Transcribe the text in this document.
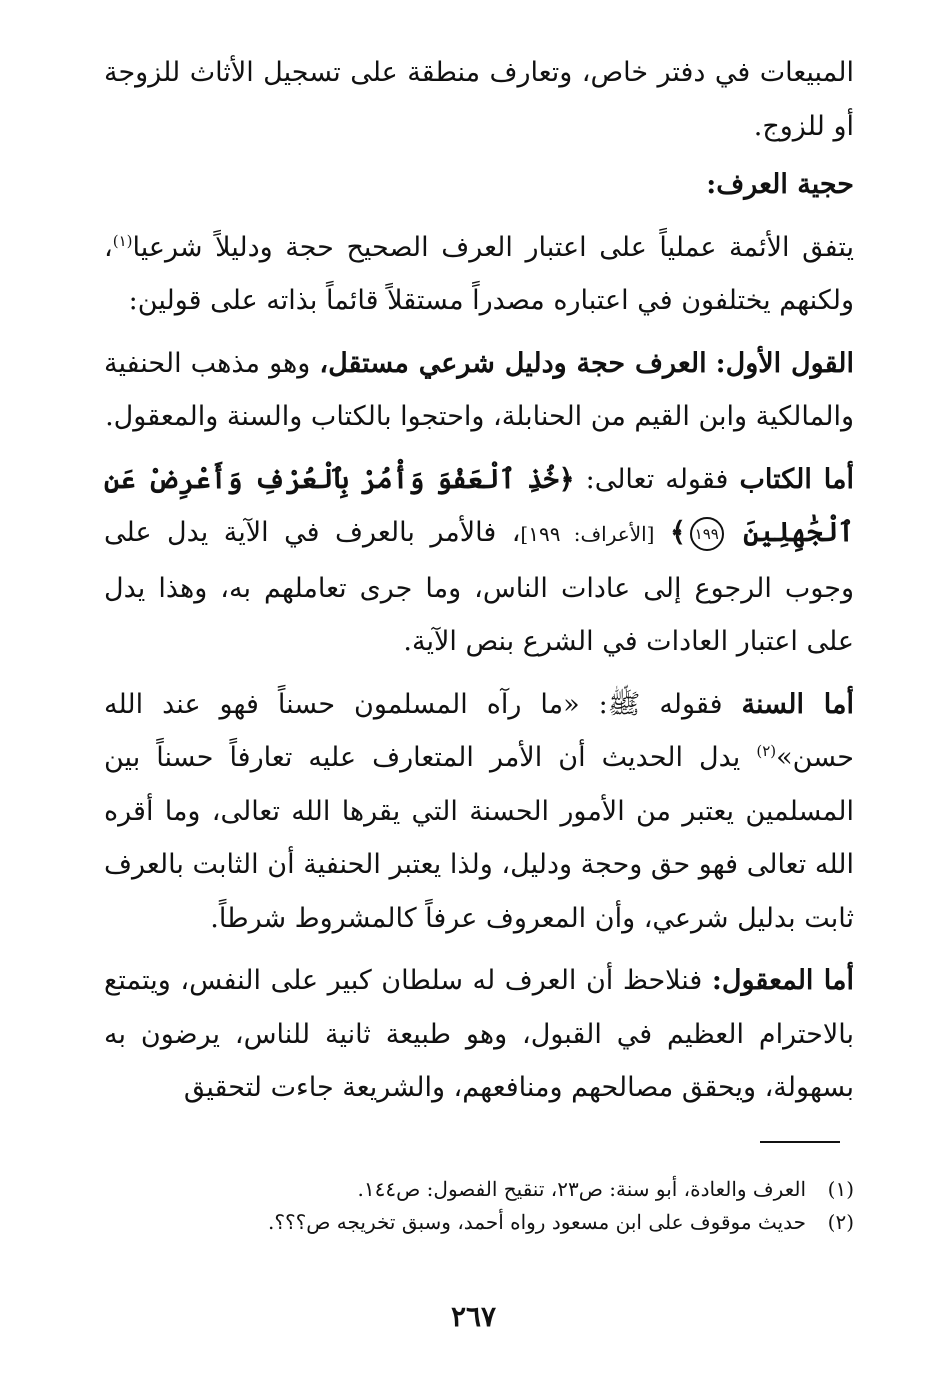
المبيعات في دفتر خاص، وتعارف منطقة على تسجيل الأثاث للزوجة أو للزوج.

حجية العرف:

يتفق الأئمة عملياً على اعتبار العرف الصحيح حجة ودليلاً شرعيا$^{(١)}$، ولكنهم يختلفون في اعتباره مصدراً مستقلاً قائماً بذاته على قولين:

القول الأول: العرف حجة ودليل شرعي مستقل، وهو مذهب الحنفية والمالكية وابن القيم من الحنابلة، واحتجوا بالكتاب والسنة والمعقول.

أما الكتاب فقوله تعالى: ﴿خُذِ ٱلْعَفْوَ وَأْمُرْ بِٱلْعُرْفِ وَأَعْرِضْ عَنِ ٱلْجَٰهِلِينَ ١٩٩﴾ [الأعراف: ١٩٩]، فالأمر بالعرف في الآية يدل على وجوب الرجوع إلى عادات الناس، وما جرى تعاملهم به، وهذا يدل على اعتبار العادات في الشرع بنص الآية.

أما السنة فقوله ﷺ: «ما رآه المسلمون حسناً فهو عند الله حسن»$^{(٢)}$ يدل الحديث أن الأمر المتعارف عليه تعارفاً حسناً بين المسلمين يعتبر من الأمور الحسنة التي يقرها الله تعالى، وما أقره الله تعالى فهو حق وحجة ودليل، ولذا يعتبر الحنفية أن الثابت بالعرف ثابت بدليل شرعي، وأن المعروف عرفاً كالمشروط شرطاً.

أما المعقول: فنلاحظ أن العرف له سلطان كبير على النفس، ويتمتع بالاحترام العظيم في القبول، وهو طبيعة ثانية للناس، يرضون به بسهولة، ويحقق مصالحهم ومنافعهم، والشريعة جاءت لتحقيق

(١)
العرف والعادة، أبو سنة: ص٢٣، تنقيح الفصول: ص١٤٤.
(٢)
حديث موقوف على ابن مسعود رواه أحمد، وسبق تخريجه ص؟؟؟.
٢٦٧
